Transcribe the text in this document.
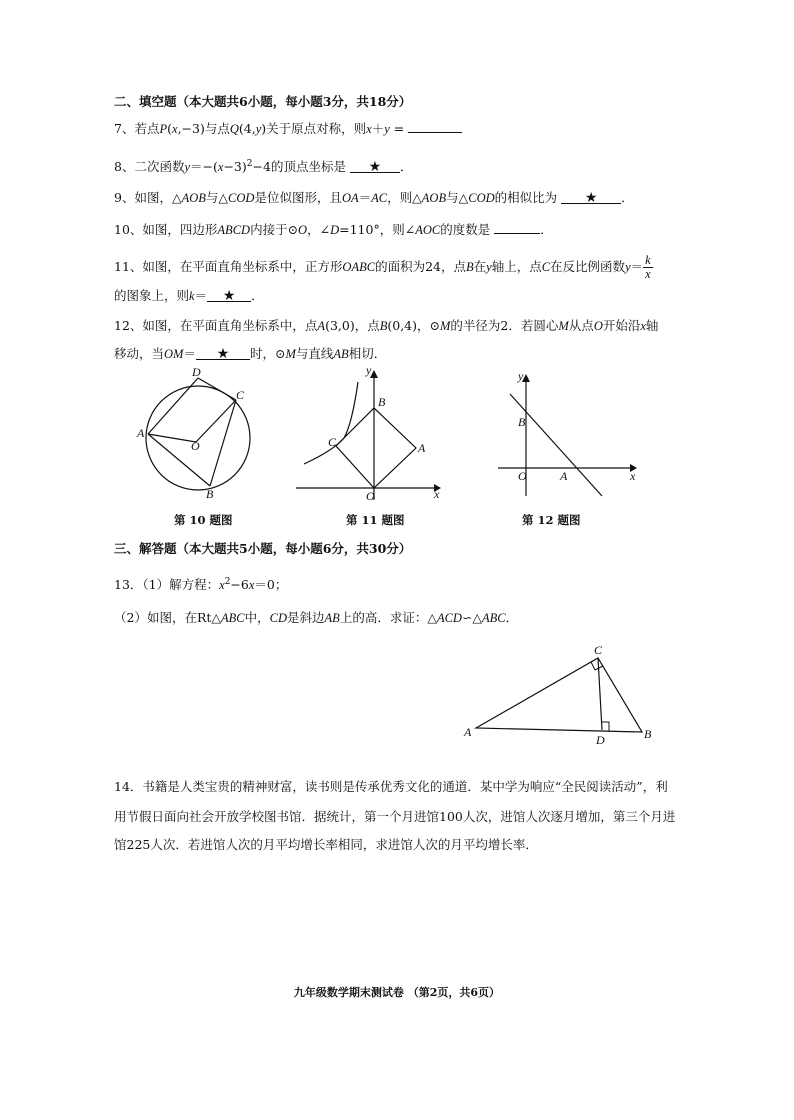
二、填空题（本大题共6小题，每小题3分，共18分）
7、若点P(x,−3)与点Q(4,y)关于原点对称，则x＋y =
8、二次函数$y=-(x-3)^2-4$的顶点坐标是 ★ ．
9、如图，△AOB与△COD是位似图形，且OA＝AC，则△AOB与△COD的相似比为 ★ ．
10、如图，四边形ABCD内接于⊙O，∠D=110°，则∠AOC的度数是	．
11、如图，在平面直角坐标系中，正方形OABC的面积为24，点B在y轴上，点C在反比例函数$y= \frac{k}{x}$
的图象上，则k＝ ★ ．
12、如图，在平面直角坐标系中，点A(3,0)，点B(0,4)，⊙M的半径为2．若圆心M从点O开始沿x轴
移动，当OM＝ ★ 时，⊙M与直线AB相切．
D
C
A
O
B
y
x
B
A
C
O
y
x
B
A
O
第 10 题图	第 11 题图	第 12 题图
三、解答题（本大题共5小题，每小题6分，共30分）
13．（1）解方程：$x^2-6x=0$；
（2）如图，在Rt△ABC中，CD是斜边AB上的高．求证：△ACD∽△ABC．
C
A	B
D
14．书籍是人类宝贵的精神财富，读书则是传承优秀文化的通道．某中学为响应“全民阅读活动”，利
用节假日面向社会开放学校图书馆．据统计，第一个月进馆100人次，进馆人次逐月增加，第三个月进
馆225人次．若进馆人次的月平均增长率相同，求进馆人次的月平均增长率．
九年级数学期末测试卷 （第2页，共6页）
